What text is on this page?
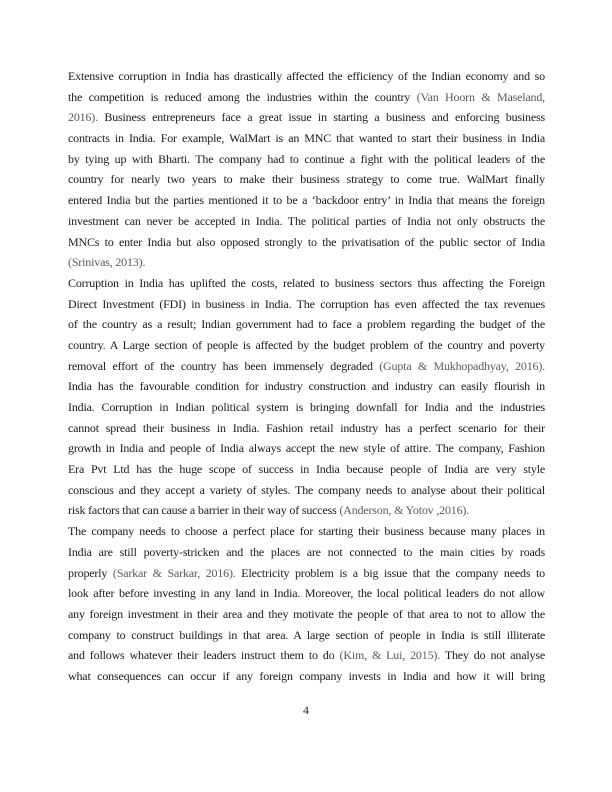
Extensive corruption in India has drastically affected the efficiency of the Indian economy and so
the competition is reduced among the industries within the country (Van Hoorn & Maseland,
2016). Business entrepreneurs face a great issue in starting a business and enforcing business
contracts in India. For example, WalMart is an MNC that wanted to start their business in India
by tying up with Bharti. The company had to continue a fight with the political leaders of the
country for nearly two years to make their business strategy to come true. WalMart finally
entered India but the parties mentioned it to be a ‘backdoor entry’ in India that means the foreign
investment can never be accepted in India. The political parties of India not only obstructs the
MNCs to enter India but also opposed strongly to the privatisation of the public sector of India
(Srinivas, 2013).
Corruption in India has uplifted the costs, related to business sectors thus affecting the Foreign
Direct Investment (FDI) in business in India. The corruption has even affected the tax revenues
of the country as a result; Indian government had to face a problem regarding the budget of the
country. A Large section of people is affected by the budget problem of the country and poverty
removal effort of the country has been immensely degraded (Gupta & Mukhopadhyay, 2016).
India has the favourable condition for industry construction and industry can easily flourish in
India. Corruption in Indian political system is bringing downfall for India and the industries
cannot spread their business in India. Fashion retail industry has a perfect scenario for their
growth in India and people of India always accept the new style of attire. The company, Fashion
Era Pvt Ltd has the huge scope of success in India because people of India are very style
conscious and they accept a variety of styles. The company needs to analyse about their political
risk factors that can cause a barrier in their way of success (Anderson, & Yotov ,2016).
The company needs to choose a perfect place for starting their business because many places in
India are still poverty-stricken and the places are not connected to the main cities by roads
properly (Sarkar & Sarkar, 2016). Electricity problem is a big issue that the company needs to
look after before investing in any land in India. Moreover, the local political leaders do not allow
any foreign investment in their area and they motivate the people of that area to not to allow the
company to construct buildings in that area. A large section of people in India is still illiterate
and follows whatever their leaders instruct them to do (Kim, & Lui, 2015). They do not analyse
what consequences can occur if any foreign company invests in India and how it will bring
4
